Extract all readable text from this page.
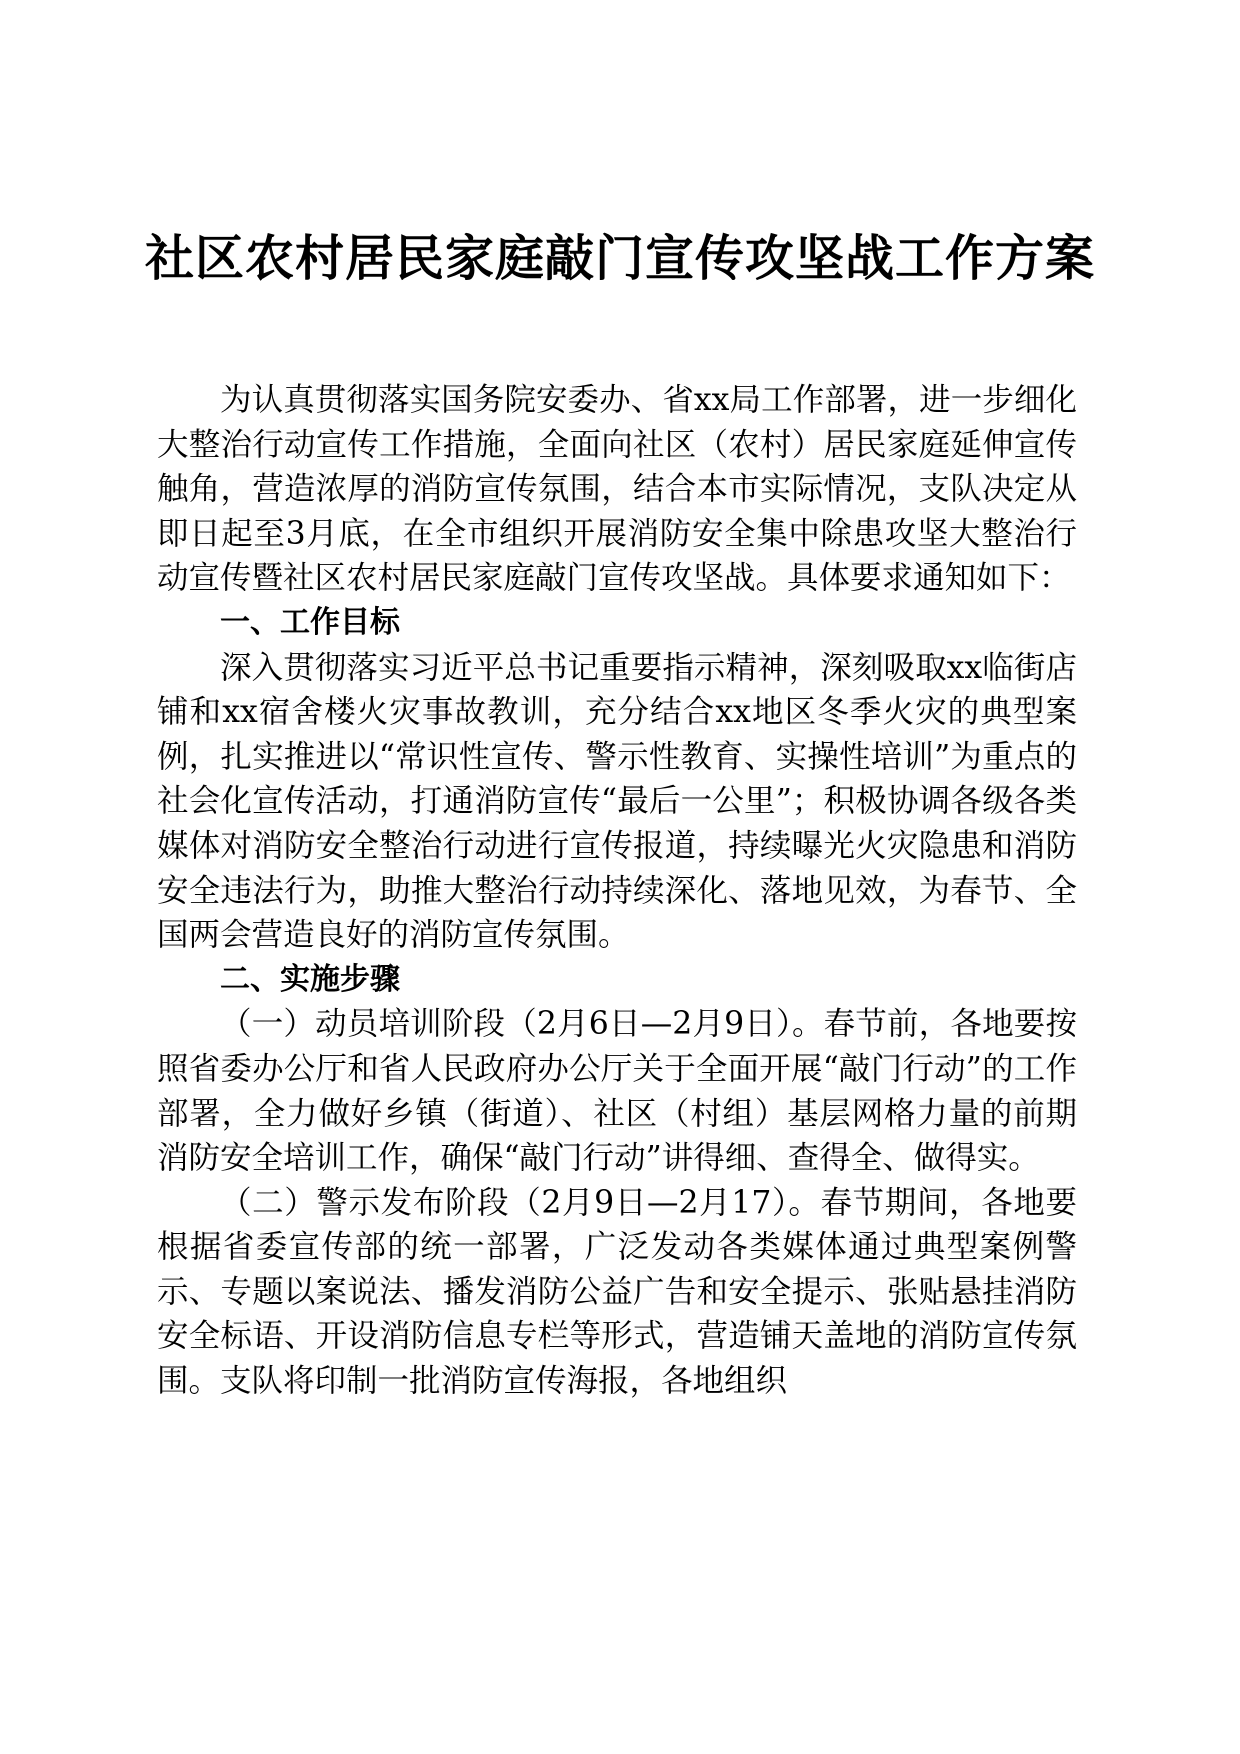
社区农村居民家庭敲门宣传攻坚战工作方案

为认真贯彻落实国务院安委办、省xx局工作部署，进一步细化大整治行动宣传工作措施，全面向社区（农村）居民家庭延伸宣传触角，营造浓厚的消防宣传氛围，结合本市实际情况，支队决定从即日起至3月底，在全市组织开展消防安全集中除患攻坚大整治行动宣传暨社区农村居民家庭敲门宣传攻坚战。具体要求通知如下：

一、工作目标

深入贯彻落实习近平总书记重要指示精神，深刻吸取xx临街店铺和xx宿舍楼火灾事故教训，充分结合xx地区冬季火灾的典型案例，扎实推进以“常识性宣传、警示性教育、实操性培训”为重点的社会化宣传活动，打通消防宣传“最后一公里”；积极协调各级各类媒体对消防安全整治行动进行宣传报道，持续曝光火灾隐患和消防安全违法行为，助推大整治行动持续深化、落地见效，为春节、全国两会营造良好的消防宣传氛围。

二、实施步骤

（一）动员培训阶段（2月6日—2月9日）。春节前，各地要按照省委办公厅和省人民政府办公厅关于全面开展“敲门行动”的工作部署，全力做好乡镇（街道）、社区（村组）基层网格力量的前期消防安全培训工作，确保“敲门行动”讲得细、查得全、做得实。

（二）警示发布阶段（2月9日—2月17）。春节期间，各地要根据省委宣传部的统一部署，广泛发动各类媒体通过典型案例警示、专题以案说法、播发消防公益广告和安全提示、张贴悬挂消防安全标语、开设消防信息专栏等形式，营造铺天盖地的消防宣传氛围。支队将印制一批消防宣传海报，各地组织
